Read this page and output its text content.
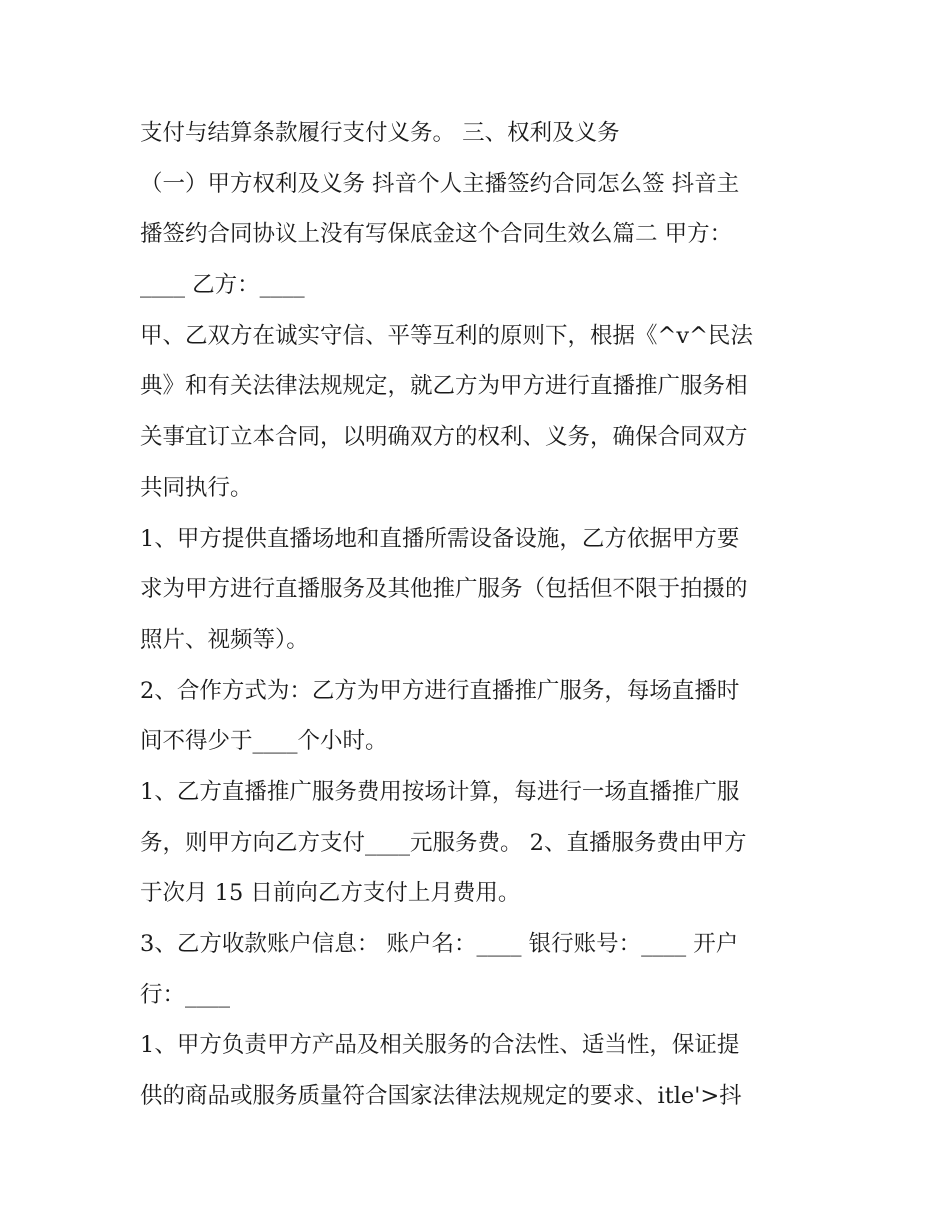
支付与结算条款履行支付义务。 三、权利及义务
（一）甲方权利及义务 抖音个人主播签约合同怎么签 抖音主
播签约合同协议上没有写保底金这个合同生效么篇二 甲方：
____ 乙方：____
甲、乙双方在诚实守信、平等互利的原则下，根据《^v^民法
典》和有关法律法规规定，就乙方为甲方进行直播推广服务相
关事宜订立本合同，以明确双方的权利、义务，确保合同双方
共同执行。
1、甲方提供直播场地和直播所需设备设施，乙方依据甲方要
求为甲方进行直播服务及其他推广服务（包括但不限于拍摄的
照片、视频等）。
2、合作方式为：乙方为甲方进行直播推广服务，每场直播时
间不得少于____个小时。
1、乙方直播推广服务费用按场计算，每进行一场直播推广服
务，则甲方向乙方支付____元服务费。 2、直播服务费由甲方
于次月 15 日前向乙方支付上月费用。
3、乙方收款账户信息： 账户名：____ 银行账号：____ 开户
行：____
1、甲方负责甲方产品及相关服务的合法性、适当性，保证提
供的商品或服务质量符合国家法律法规规定的要求、itle'>抖
